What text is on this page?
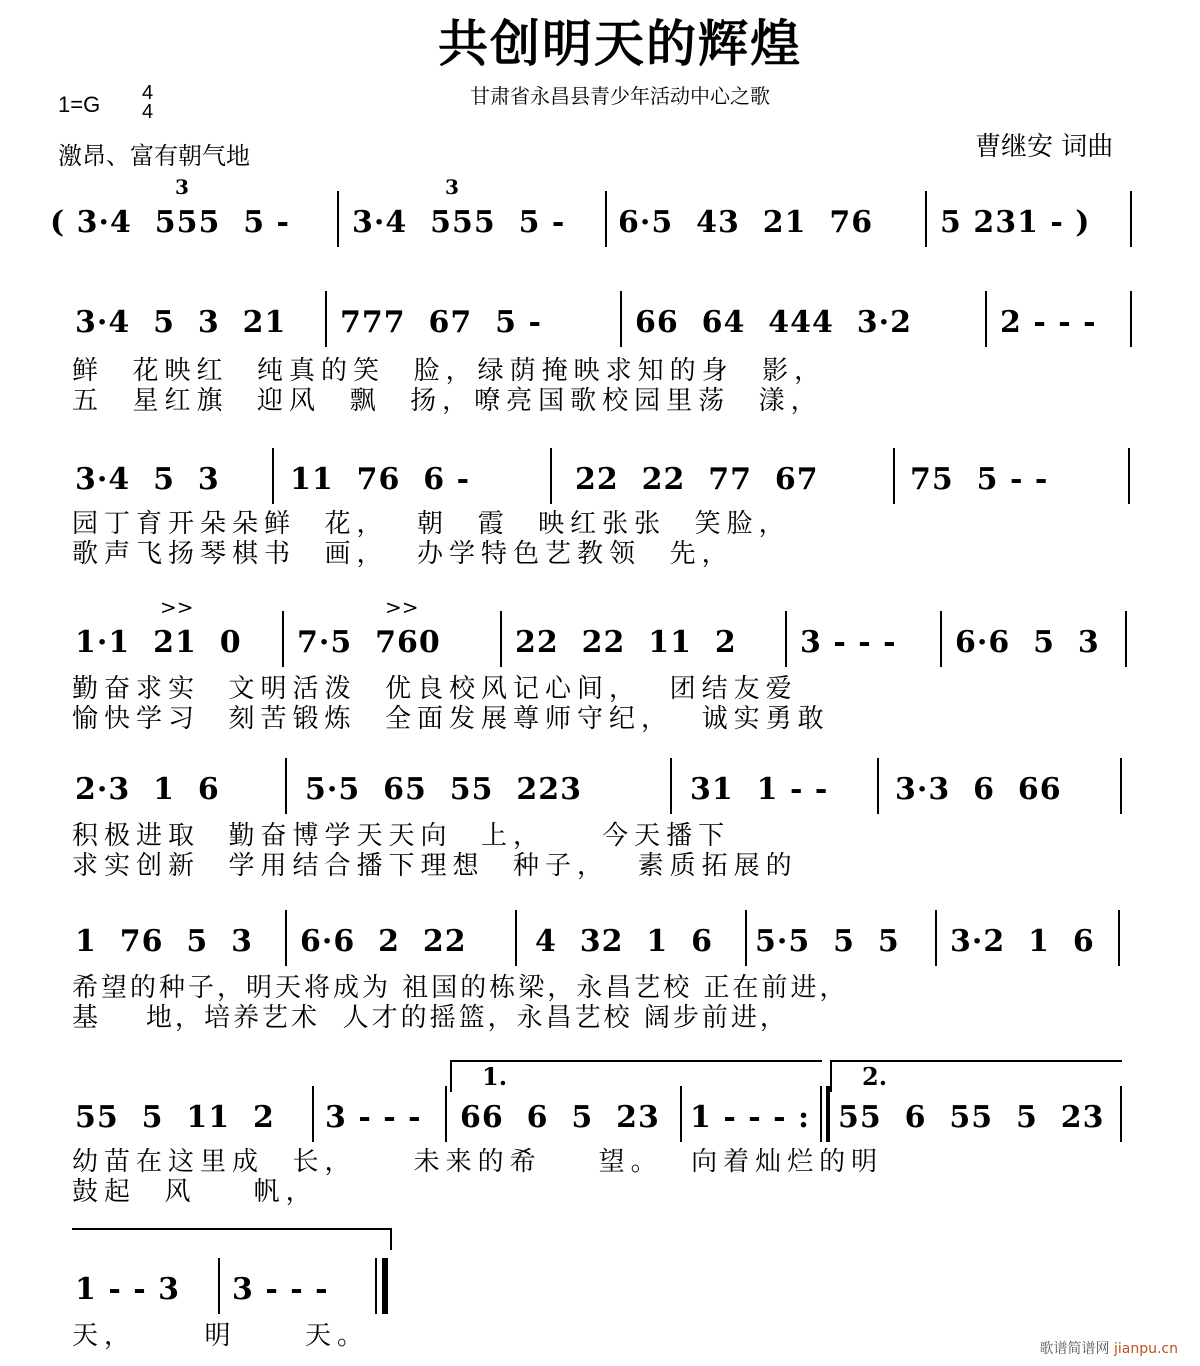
共创明天的辉煌
甘肃省永昌县青少年活动中心之歌
1=G 4
4
激昂、富有朝气地	曹继安 词曲
3	3
( 3·4  555  5 - 3·4  555  5 - 6·5  43  21  76 5 231 - )
3·4  5  3  21 777  67  5 -	66  64  444  3·2	2 - - -
鲜  花映红  纯真的笑  脸，绿荫掩映求知的身  影，
五  星红旗  迎风  飘  扬，嘹亮国歌校园里荡  漾，
3·4  5  3 11  76  6 -	22  22  77  67	75  5 - -
园丁育开朵朵鲜  花，  朝  霞  映红张张  笑脸，
歌声飞扬琴棋书  画，  办学特色艺教领  先，
>>	>>
1·1  21  0 7·5  760 22  22  11  2 3 - - - 6·6  5  3
勤奋求实  文明活泼  优良校风记心间，  团结友爱
愉快学习  刻苦锻炼  全面发展尊师守纪，  诚实勇敢
2·3  1  6	5·5  65  55  223	31  1 - - 3·3  6  66
积极进取  勤奋博学天天向  上，    今天播下
求实创新  学用结合播下理想  种子，  素质拓展的
1  76  5  3 6·6  2  22 4  32  1  6 5·5  5  5 3·2  1  6
希望的种子，明天将成为 祖国的栋梁，永昌艺校 正在前进，
基    地，培养艺术  人才的摇篮，永昌艺校 阔步前进，
1.	2.
55  5  11  2 3 - - - 66  6  5  23 1 - - - : 55  6  55  5  23
幼苗在这里成  长，    未来的希    望。  向着灿烂的明
鼓起  风    帆，
1 - - 3 3 - - -
天，  明  天。	歌谱简谱网 jianpu.cn
